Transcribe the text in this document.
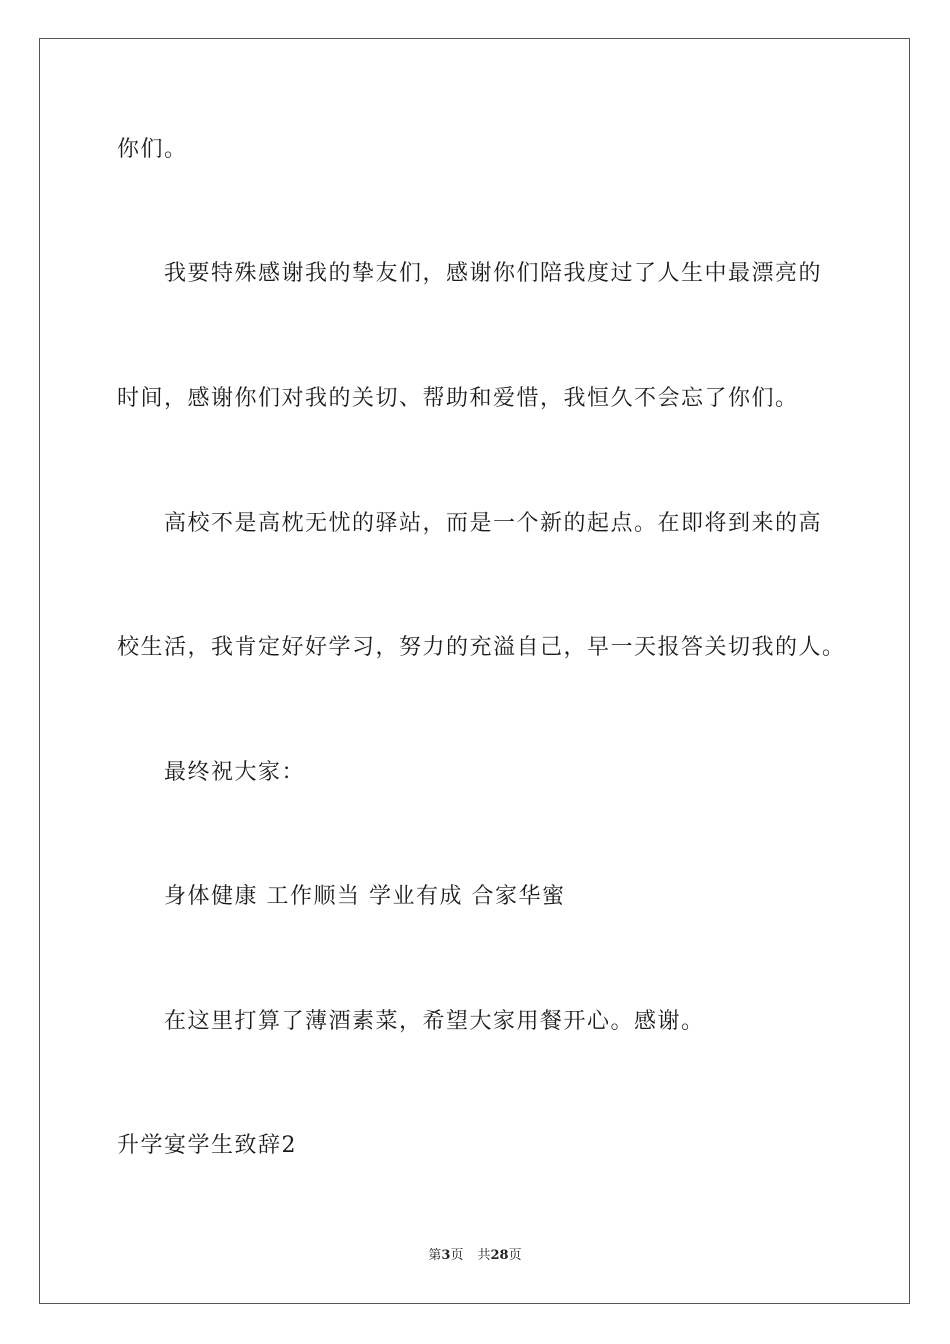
你们。
我要特殊感谢我的挚友们，感谢你们陪我度过了人生中最漂亮的
时间，感谢你们对我的关切、帮助和爱惜，我恒久不会忘了你们。
高校不是高枕无忧的驿站，而是一个新的起点。在即将到来的高
校生活，我肯定好好学习，努力的充溢自己，早一天报答关切我的人。
最终祝大家：
身体健康 工作顺当 学业有成 合家华蜜
在这里打算了薄酒素菜，希望大家用餐开心。感谢。
升学宴学生致辞2
第3页 共28页
